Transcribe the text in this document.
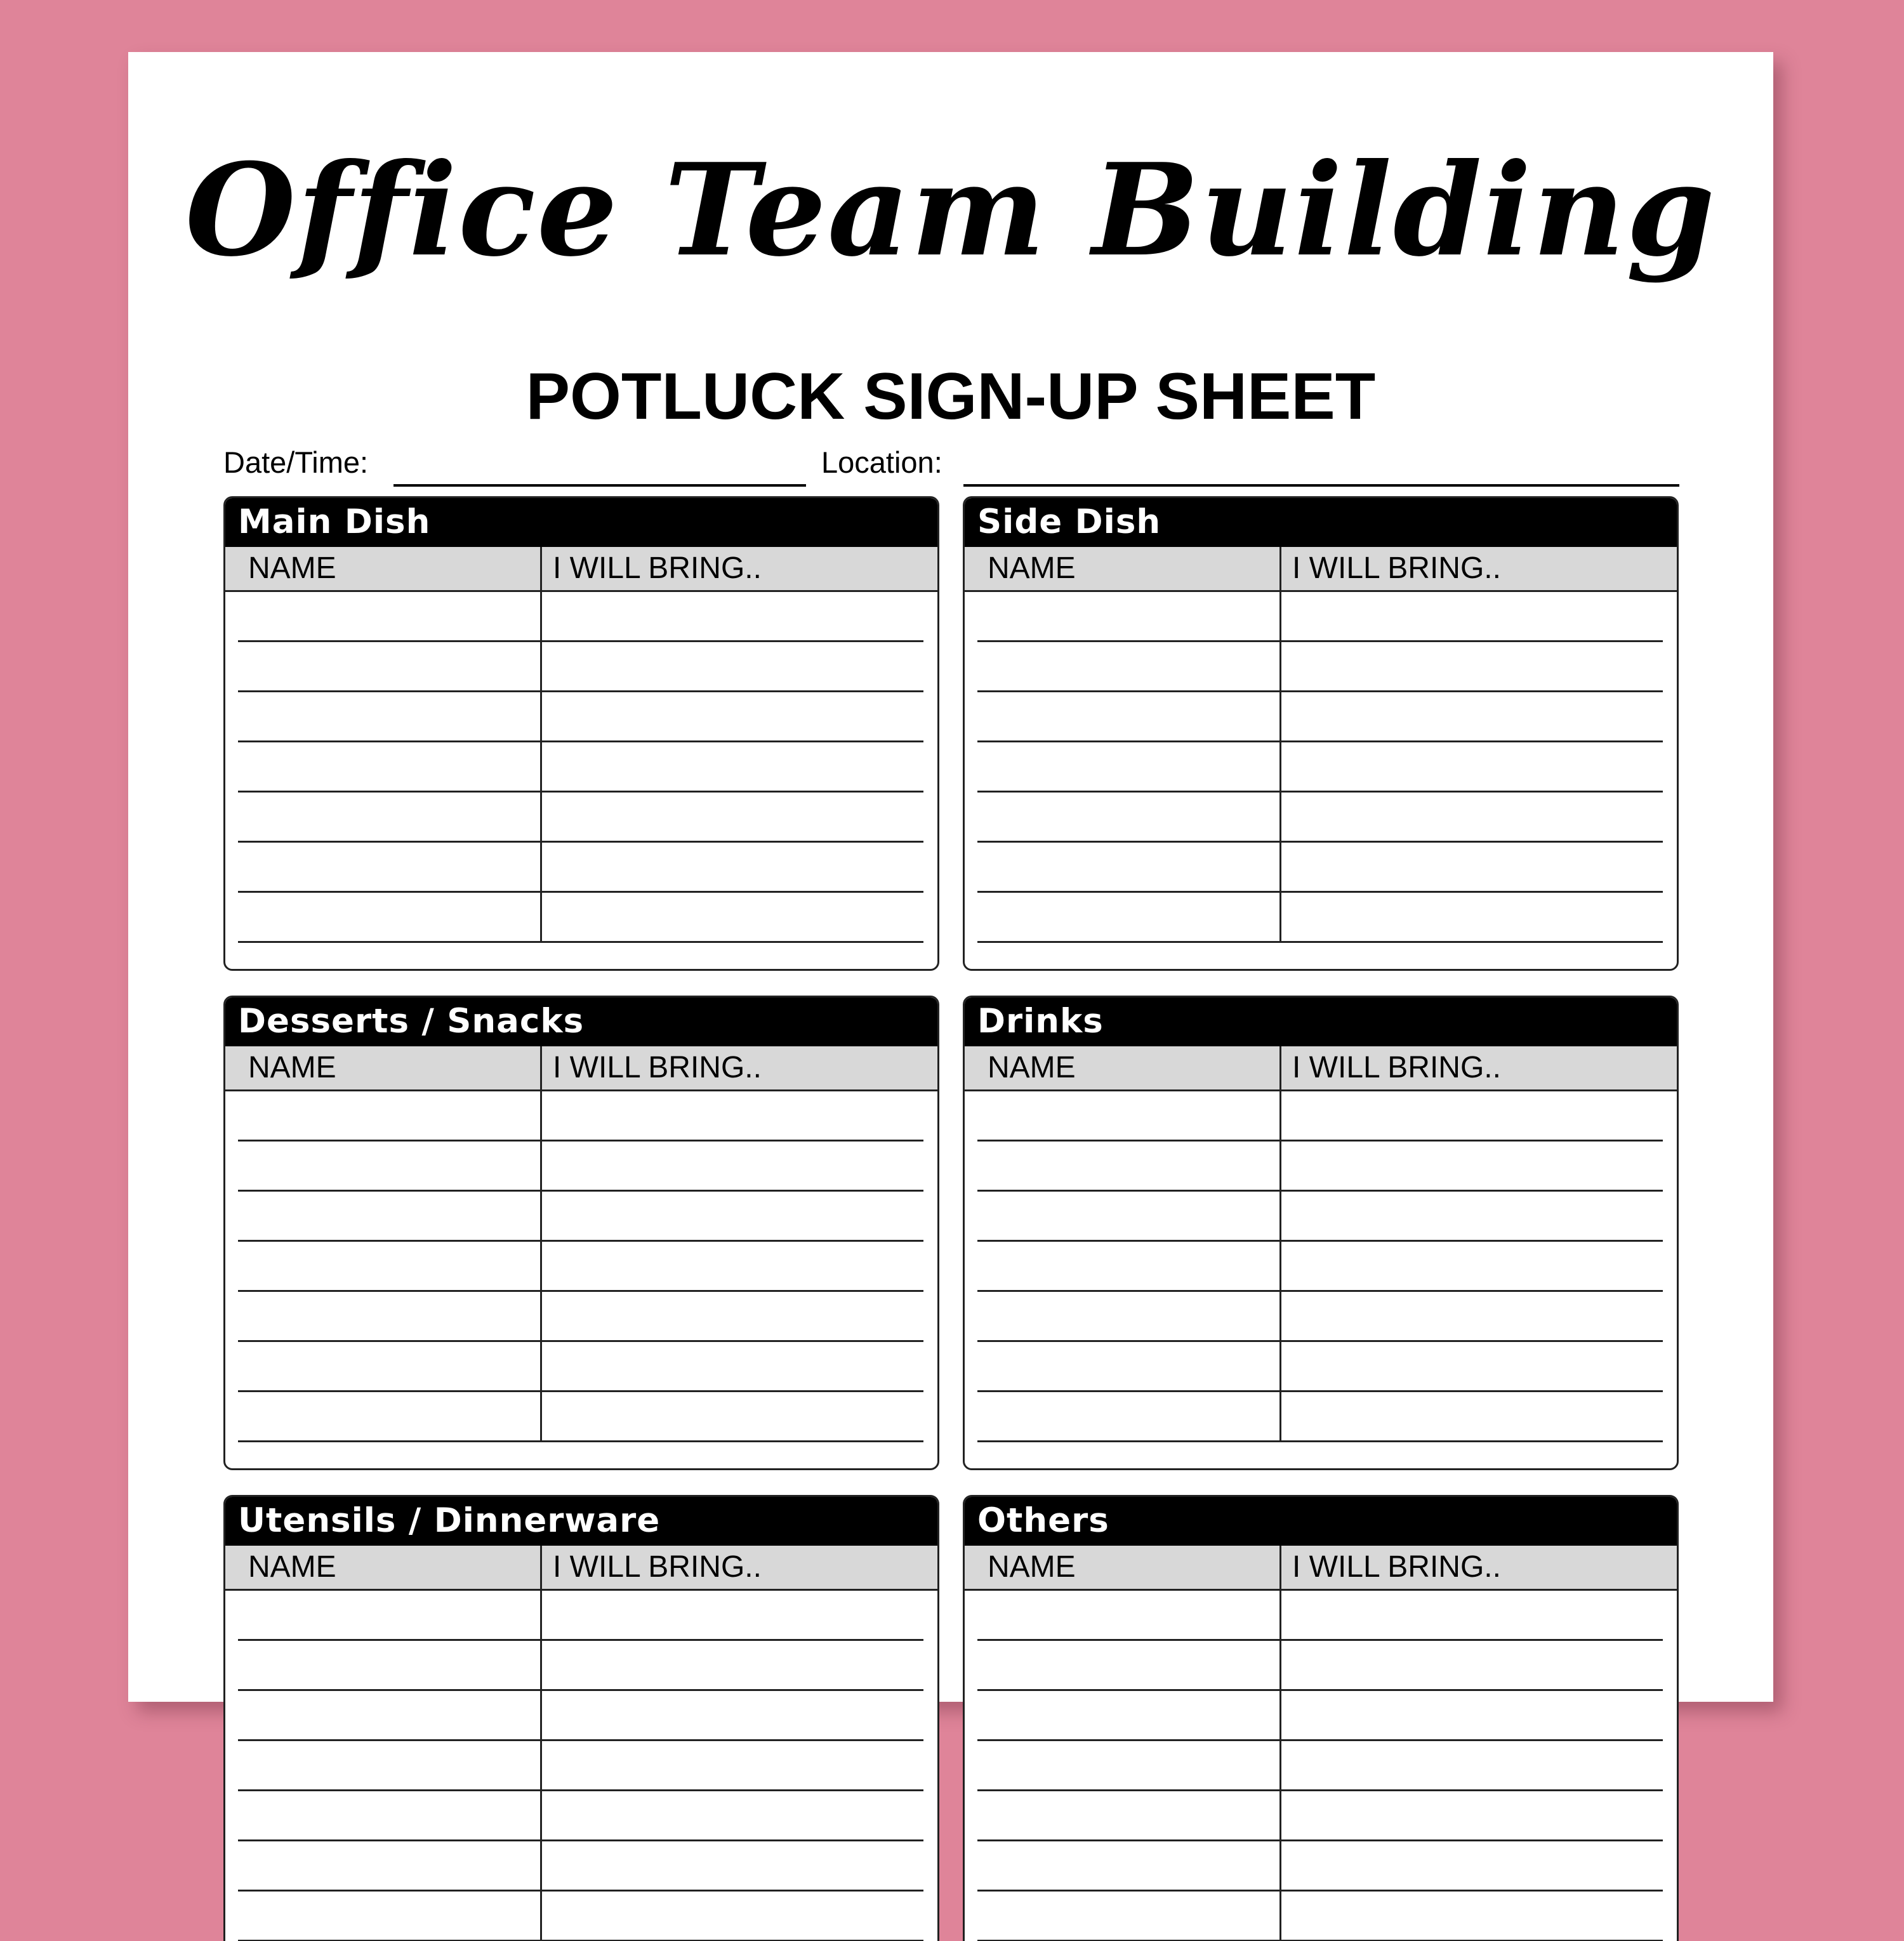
Office Team Building
POTLUCK SIGN-UP SHEET
Date/Time:	Location:
Main Dish
NAME	I WILL BRING..
Side Dish
NAME	I WILL BRING..
Desserts / Snacks
NAME	I WILL BRING..
Drinks
NAME	I WILL BRING..
Utensils / Dinnerware
NAME	I WILL BRING..
Others
NAME	I WILL BRING..
